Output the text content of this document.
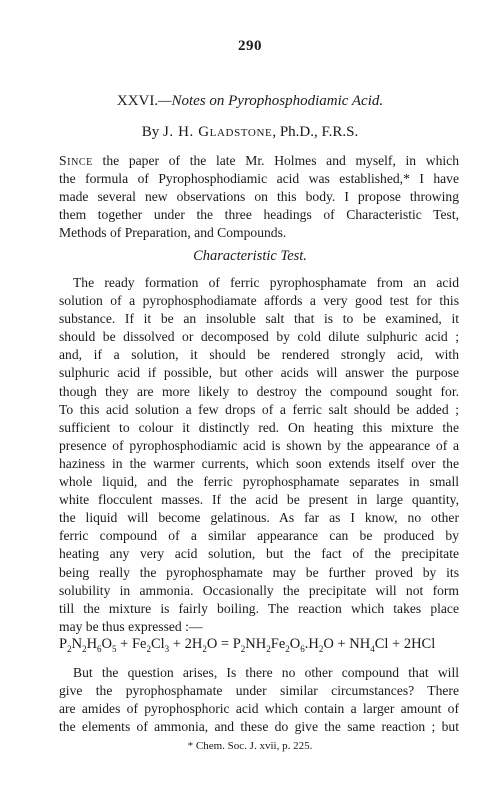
290
XXVI.—Notes on Pyrophosphodiamic Acid.
By J. H. Gladstone, Ph.D., F.R.S.

Since the paper of the late Mr. Holmes and myself, in which
the formula of Pyrophosphodiamic acid was established,* I have
made several new observations on this body. I propose throwing
them together under the three headings of Characteristic Test,
Methods of Preparation, and Compounds.

Characteristic Test.

The ready formation of ferric pyrophosphamate from an acid
solution of a pyrophosphodiamate affords a very good test for this
substance. If it be an insoluble salt that is to be examined, it
should be dissolved or decomposed by cold dilute sulphuric acid ;
and, if a solution, it should be rendered strongly acid, with
sulphuric acid if possible, but other acids will answer the purpose
though they are more likely to destroy the compound sought for.
To this acid solution a few drops of a ferric salt should be added ;
sufficient to colour it distinctly red. On heating this mixture the
presence of pyrophosphodiamic acid is shown by the appearance of a
haziness in the warmer currents, which soon extends itself over the
whole liquid, and the ferric pyrophosphamate separates in small
white flocculent masses. If the acid be present in large quantity,
the liquid will become gelatinous. As far as I know, no other
ferric compound of a similar appearance can be produced by
heating any very acid solution, but the fact of the precipitate
being really the pyrophosphamate may be further proved by its
solubility in ammonia. Occasionally the precipitate will not form
till the mixture is fairly boiling. The reaction which takes place
may be thus expressed :—

$P_2N_2H_6O_5 + Fe_2Cl_3 + 2H_2O = P_2NH_2Fe_2O_6.H_2O + NH_4Cl + 2HCl$

But the question arises, Is there no other compound that will
give the pyrophosphamate under similar circumstances? There
are amides of pyrophosphoric acid which contain a larger amount of
the elements of ammonia, and these do give the same reaction ; but

* Chem. Soc. J. xvii, p. 225.
